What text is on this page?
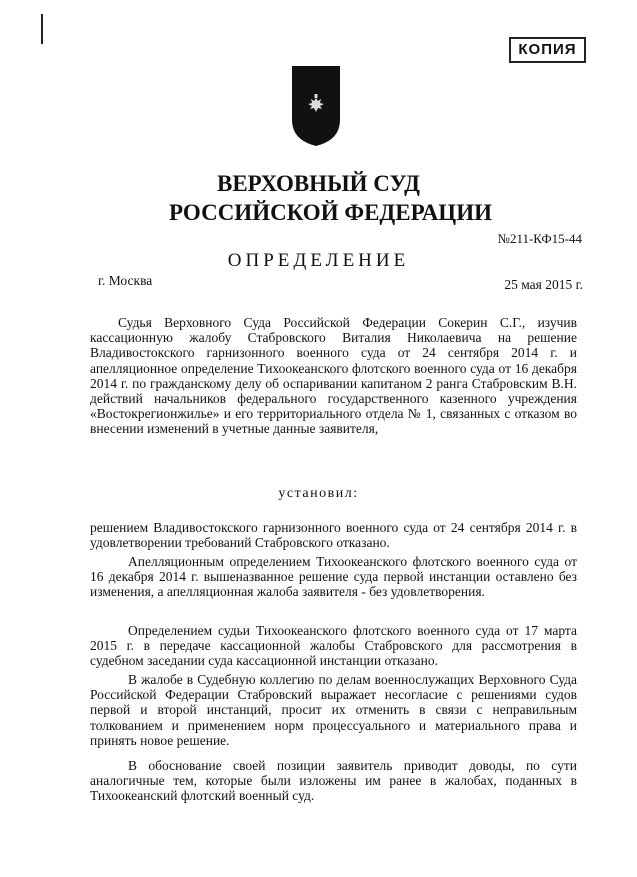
КОПИЯ
ВЕРХОВНЫЙ СУД
РОССИЙСКОЙ ФЕДЕРАЦИИ
№211-КФ15-44
ОПРЕДЕЛЕНИЕ
г. Москва	25 мая 2015 г.
Судья Верховного Суда Российской Федерации Сокерин С.Г., изучив кассационную жалобу Стабровского Виталия Николаевича на решение Владивостокского гарнизонного военного суда от 24 сентября 2014 г. и апелляционное определение Тихоокеанского флотского военного суда от 16 декабря 2014 г. по гражданскому делу об оспаривании капитаном 2 ранга Стабровским В.Н. действий начальников федерального государственного казенного учреждения «Востокрегионжилье» и его территориального отдела № 1, связанных с отказом во внесении изменений в учетные данные заявителя,
установил:
решением Владивостокского гарнизонного военного суда от 24 сентября 2014 г. в удовлетворении требований Стабровского отказано.
Апелляционным определением Тихоокеанского флотского военного суда от 16 декабря 2014 г. вышеназванное решение суда первой инстанции оставлено без изменения, а апелляционная жалоба заявителя - без удовлетворения.
Определением судьи Тихоокеанского флотского военного суда от 17 марта 2015 г. в передаче кассационной жалобы Стабровского для рассмотрения в судебном заседании суда кассационной инстанции отказано.
В жалобе в Судебную коллегию по делам военнослужащих Верховного Суда Российской Федерации Стабровский выражает несогласие с решениями судов первой и второй инстанций, просит их отменить в связи с неправильным толкованием и применением норм процессуального и материального права и принять новое решение.
В обоснование своей позиции заявитель приводит доводы, по сути аналогичные тем, которые были изложены им ранее в жалобах, поданных в Тихоокеанский флотский военный суд.
